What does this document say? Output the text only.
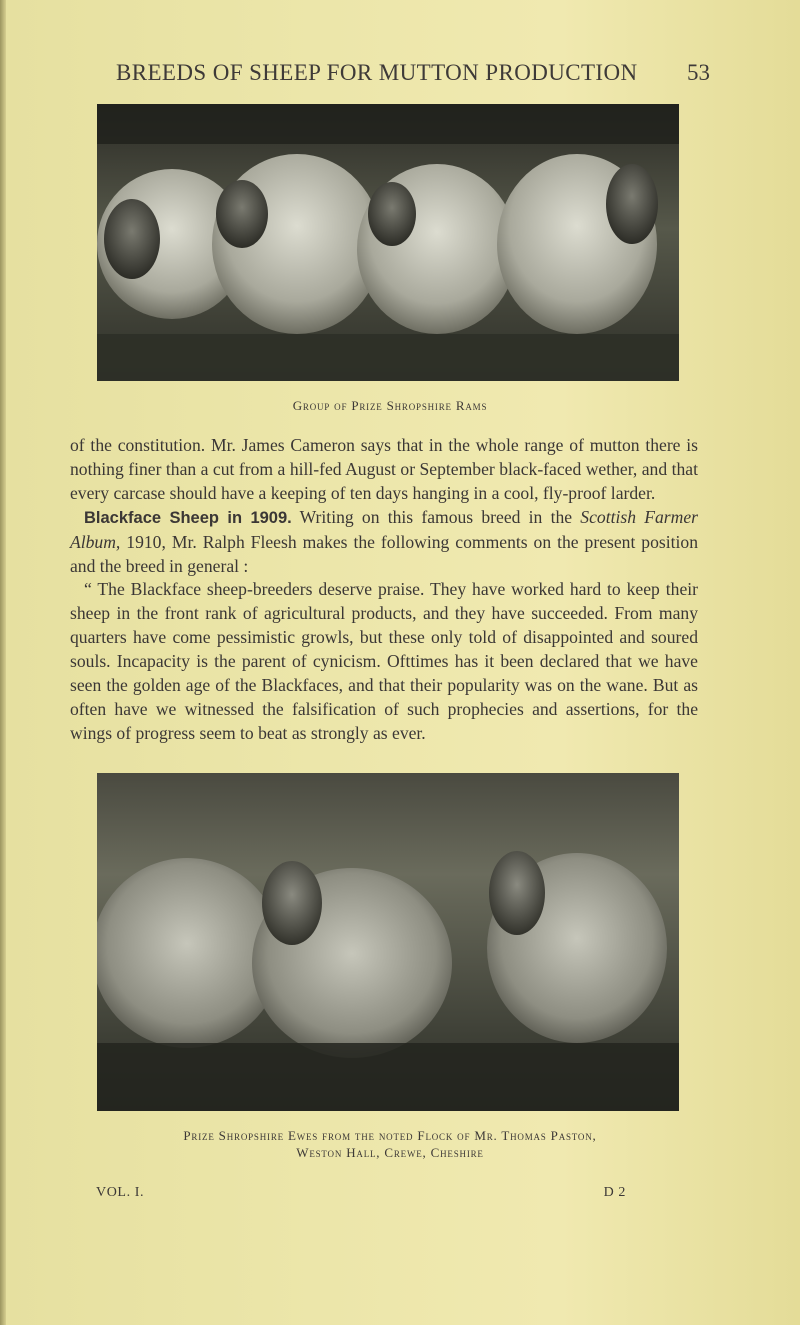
BREEDS OF SHEEP FOR MUTTON PRODUCTION 53
Group of Prize Shropshire Rams

of the constitution. Mr. James Cameron says that in the whole range of mutton there is nothing finer than a cut from a hill-fed August or September black-faced wether, and that every carcase should have a keeping of ten days hanging in a cool, fly-proof larder.

Blackface Sheep in 1909. Writing on this famous breed in the Scottish Farmer Album, 1910, Mr. Ralph Fleesh makes the following comments on the present position and the breed in general :

“ The Blackface sheep-breeders deserve praise. They have worked hard to keep their sheep in the front rank of agricultural products, and they have succeeded. From many quarters have come pessimistic growls, but these only told of disappointed and soured souls. Incapacity is the parent of cynicism. Ofttimes has it been declared that we have seen the golden age of the Blackfaces, and that their popularity was on the wane. But as often have we witnessed the falsification of such prophecies and assertions, for the wings of progress seem to beat as strongly as ever.

Prize Shropshire Ewes from the noted Flock of Mr. Thomas Paston,
Weston Hall, Crewe, Cheshire
VOL. I.	D 2
